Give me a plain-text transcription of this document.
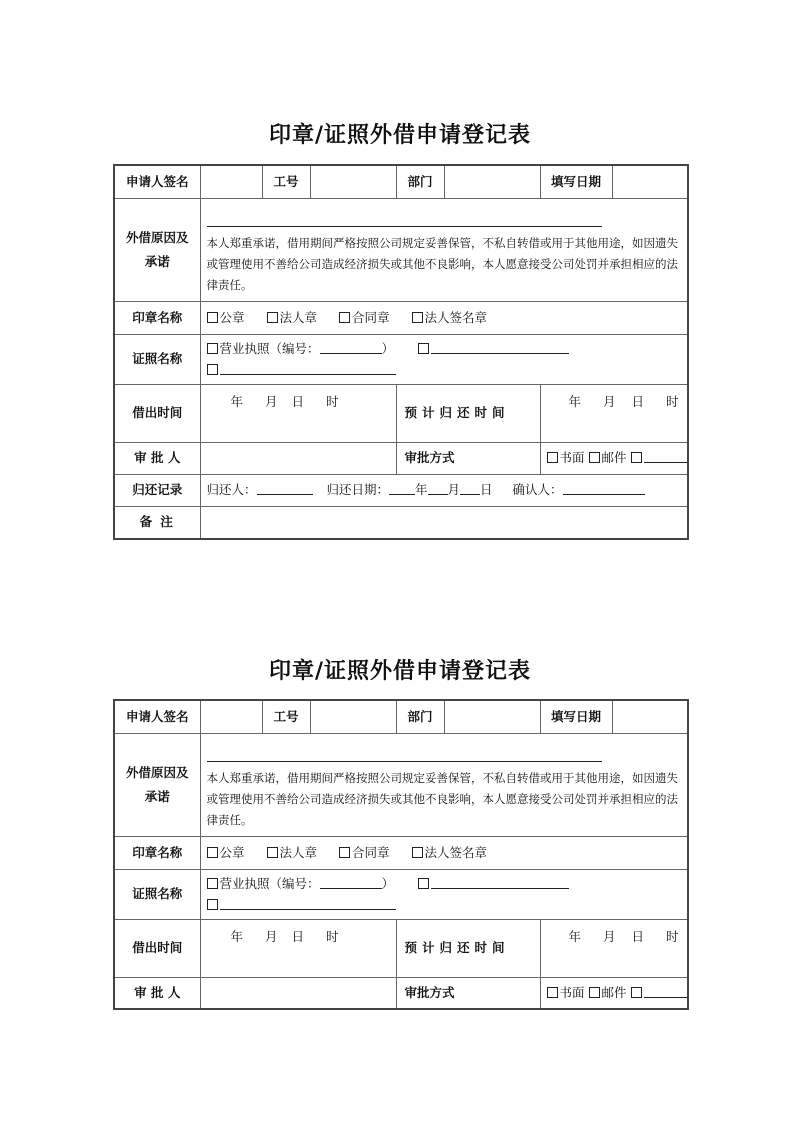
印章/证照外借申请登记表
申请人签名		工号		部门		填写日期	
外借原因及
承诺	本人郑重承诺，借用期间严格按照公司规定妥善保管，不私自转借或用于其他用途，如因遗失或管理使用不善给公司造成经济损失或其他不良影响，本人愿意接受公司处罚并承担相应的法律责任。						

印章名称	公章 法人章 合同章 法人签名章						
证照名称	营业执照（编号： ）						

借出时间	年 月 日 时			预计归还时间		年 月 日 时	
审 批 人				审批方式		书面 邮件	
归还记录	归还人： 归还日期： 年 月 日 确认人：						
备 注							
印章/证照外借申请登记表
申请人签名		工号		部门		填写日期	
外借原因及
承诺	本人郑重承诺，借用期间严格按照公司规定妥善保管，不私自转借或用于其他用途，如因遗失或管理使用不善给公司造成经济损失或其他不良影响，本人愿意接受公司处罚并承担相应的法律责任。						

印章名称	公章 法人章 合同章 法人签名章						
证照名称	营业执照（编号： ）						

借出时间	年 月 日 时			预计归还时间		年 月 日 时	
审 批 人				审批方式		书面 邮件	
